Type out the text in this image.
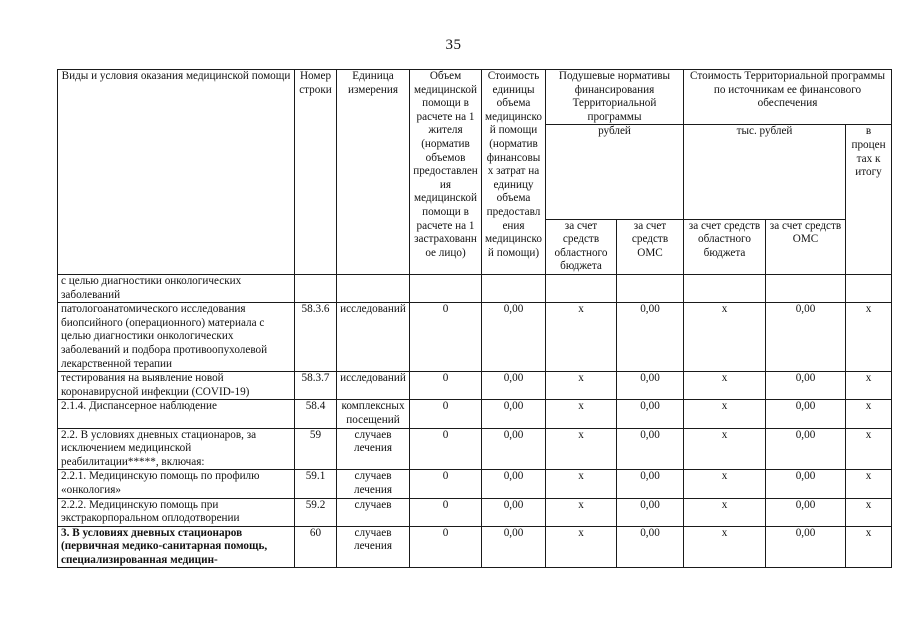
35
Виды и условия оказания медицинской помощи	Номер строки	Единица измерения	Объем медицинской помощи в расчете на 1 жителя (норматив объемов предоставления медицинской помощи в расчете на 1 застрахованное лицо)	Стоимость единицы объема медицинской помощи (норматив финансовых затрат на единицу объема предоставления медицинской помощи)	Подушевые нормативы финансирования Территориальной программы		Стоимость Территориальной программы по источникам ее финансового обеспечения		
					рублей		тыс. рублей		в процентах к итогу
					за счет средств областного бюджета	за счет средств ОМС	за счет средств областного бюджета	за счет средств ОМС	
с целью диагностики онкологических заболеваний									
патологоанатомического исследования биопсийного (операционного) материала с целью диагностики онкологических заболеваний и подбора противоопухолевой лекарственной терапии	58.3.6	исследований	0	0,00	x	0,00	x	0,00	x
тестирования на выявление новой коронавирусной инфекции (COVID-19)	58.3.7	исследований	0	0,00	x	0,00	x	0,00	x
2.1.4. Диспансерное наблюдение	58.4	комплексных посещений	0	0,00	x	0,00	x	0,00	x
2.2. В условиях дневных стационаров, за исключением медицинской реабилитации*****, включая:	59	случаев лечения	0	0,00	x	0,00	x	0,00	x
2.2.1. Медицинскую помощь по профилю «онкология»	59.1	случаев лечения	0	0,00	x	0,00	x	0,00	x
2.2.2. Медицинскую помощь при экстракорпоральном оплодотворении	59.2	случаев	0	0,00	x	0,00	x	0,00	x
3. В условиях дневных стационаров (первичная медико-санитарная помощь, специализированная медицин-	60	случаев лечения	0	0,00	x	0,00	x	0,00	x
